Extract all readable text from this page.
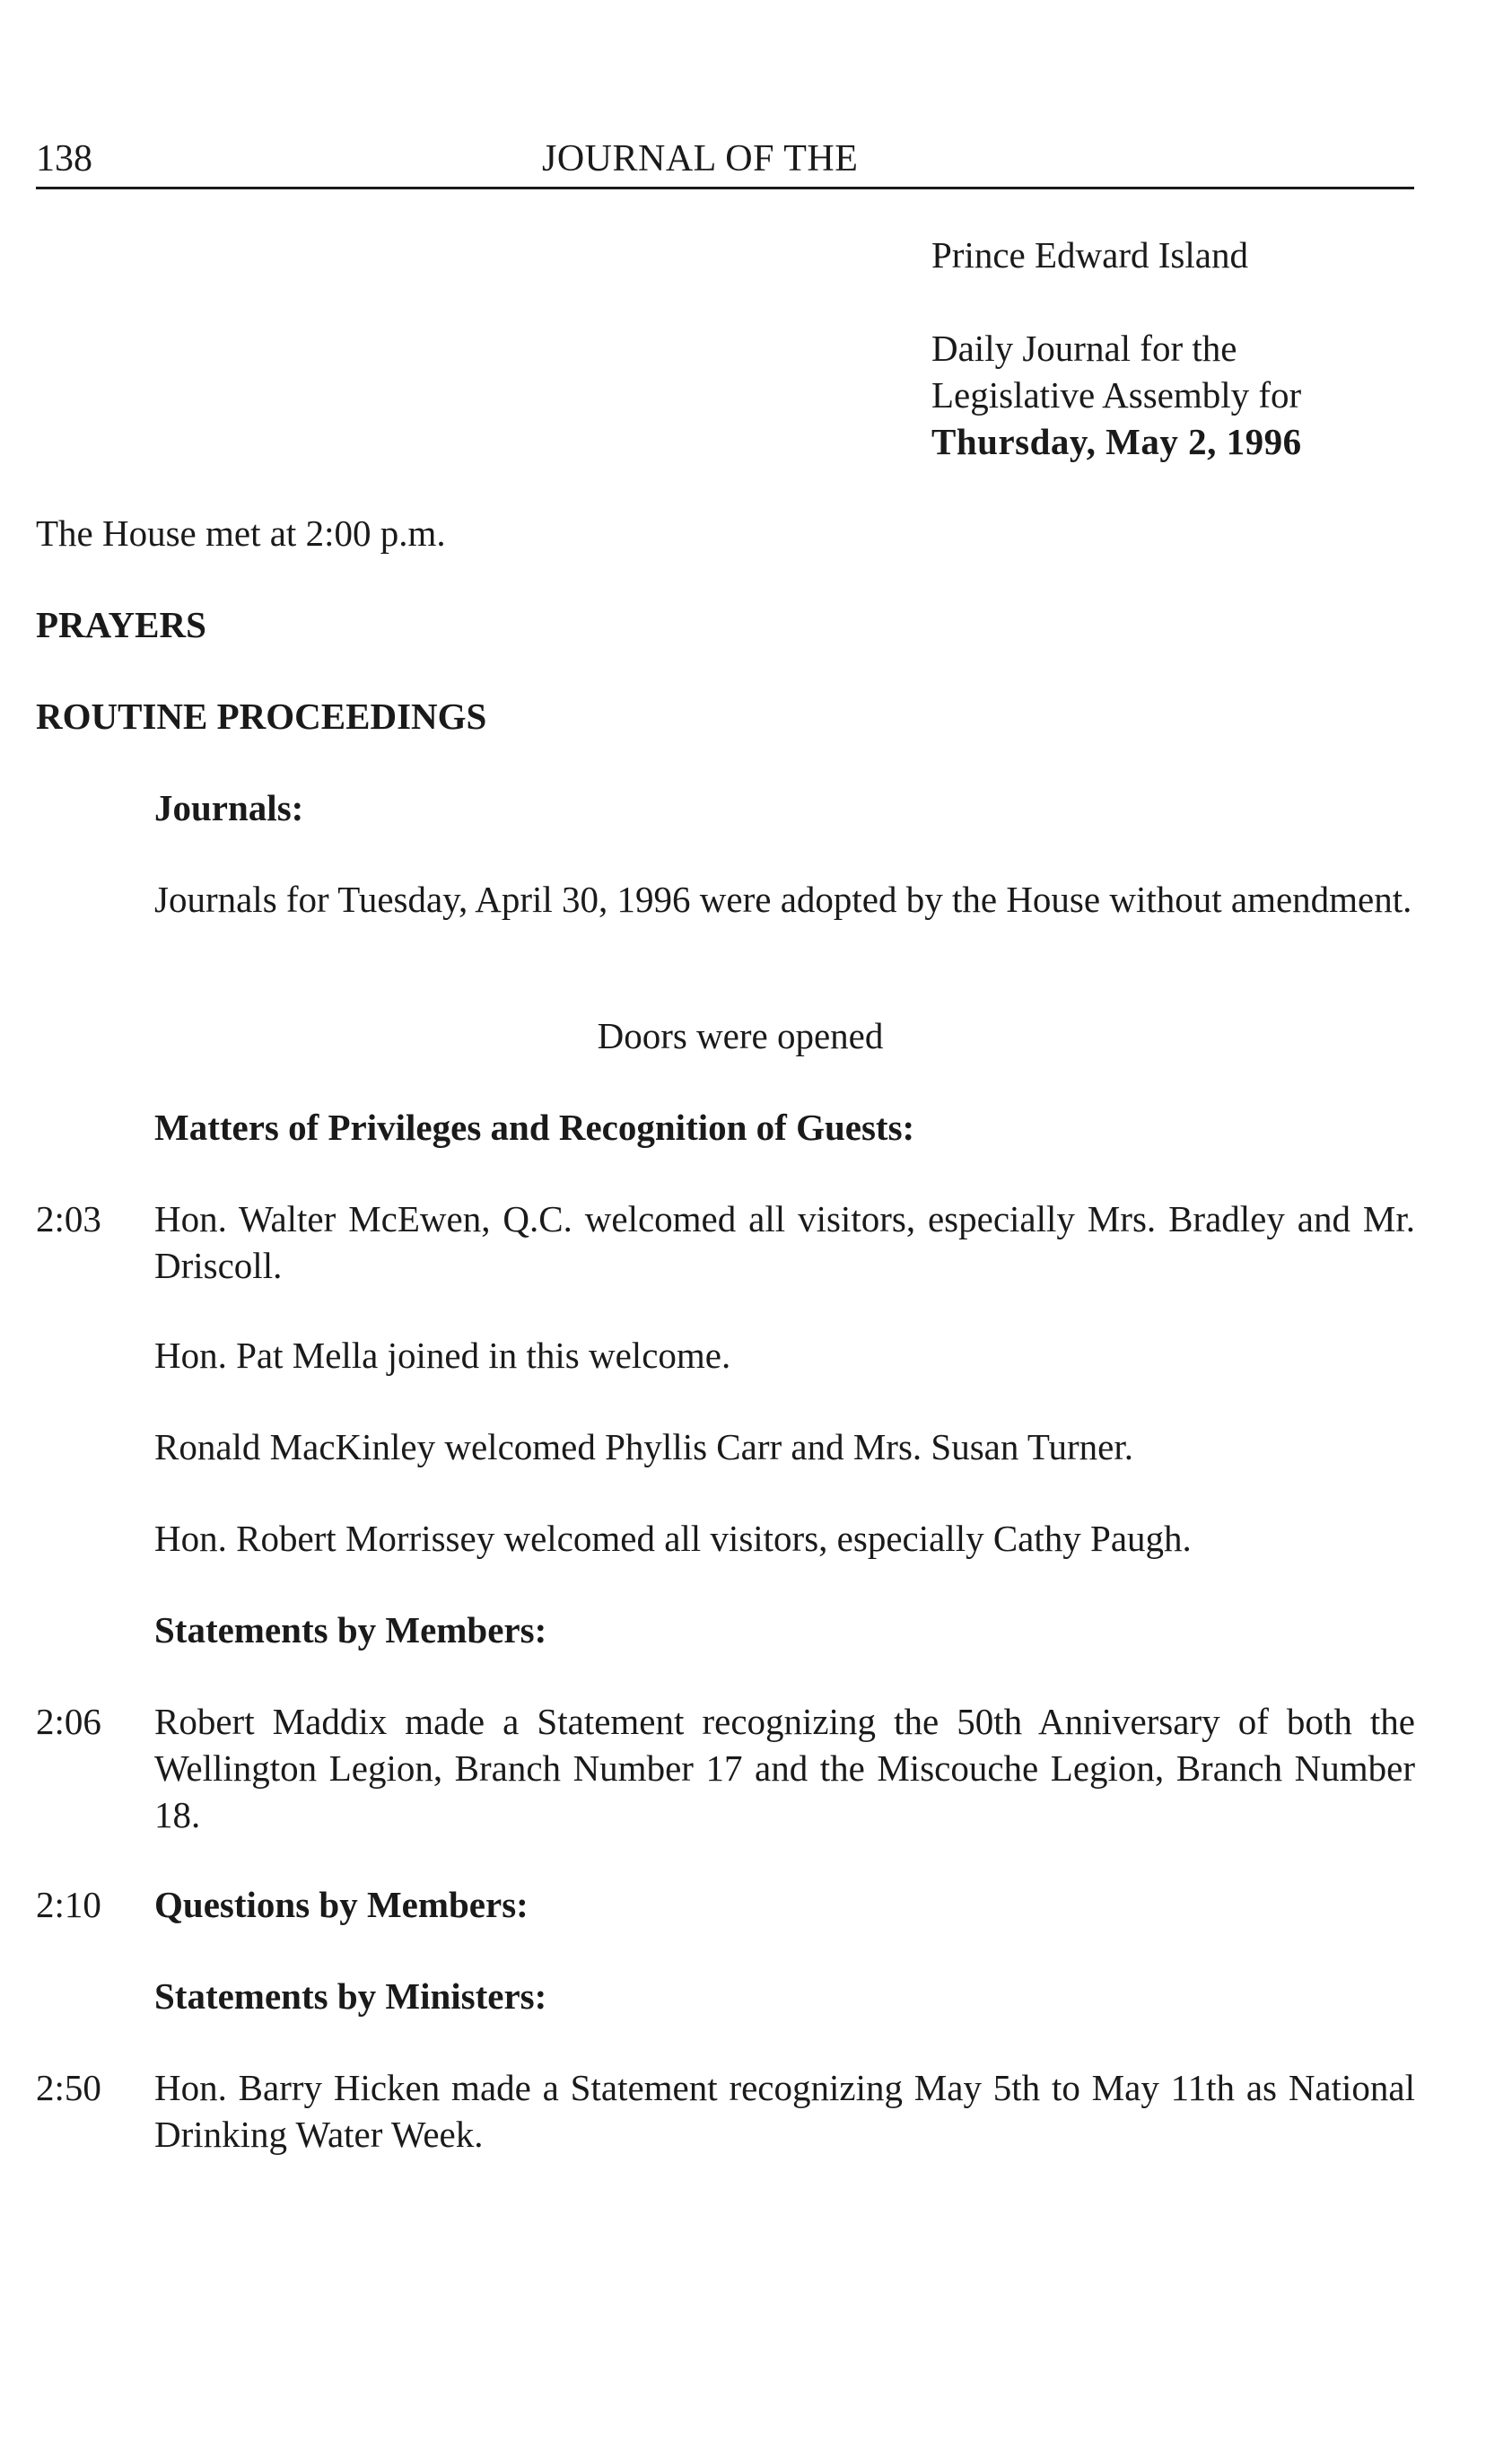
138	JOURNAL OF THE
Prince Edward Island
Daily Journal for the
Legislative Assembly for
Thursday, May 2, 1996
The House met at 2:00 p.m.
PRAYERS
ROUTINE PROCEEDINGS
Journals:
Journals for Tuesday, April 30, 1996 were adopted by the House without amendment.
Doors were opened
Matters of Privileges and Recognition of Guests:
2:03 Hon. Walter McEwen, Q.C. welcomed all visitors, especially Mrs. Bradley and Mr. Driscoll.
Hon. Pat Mella joined in this welcome.
Ronald MacKinley welcomed Phyllis Carr and Mrs. Susan Turner.
Hon. Robert Morrissey welcomed all visitors, especially Cathy Paugh.
Statements by Members:
2:06 Robert Maddix made a Statement recognizing the 50th Anniversary of both the Wellington Legion, Branch Number 17 and the Miscouche Legion, Branch Number 18.
2:10 Questions by Members:
Statements by Ministers:
2:50 Hon. Barry Hicken made a Statement recognizing May 5th to May 11th as National Drinking Water Week.
